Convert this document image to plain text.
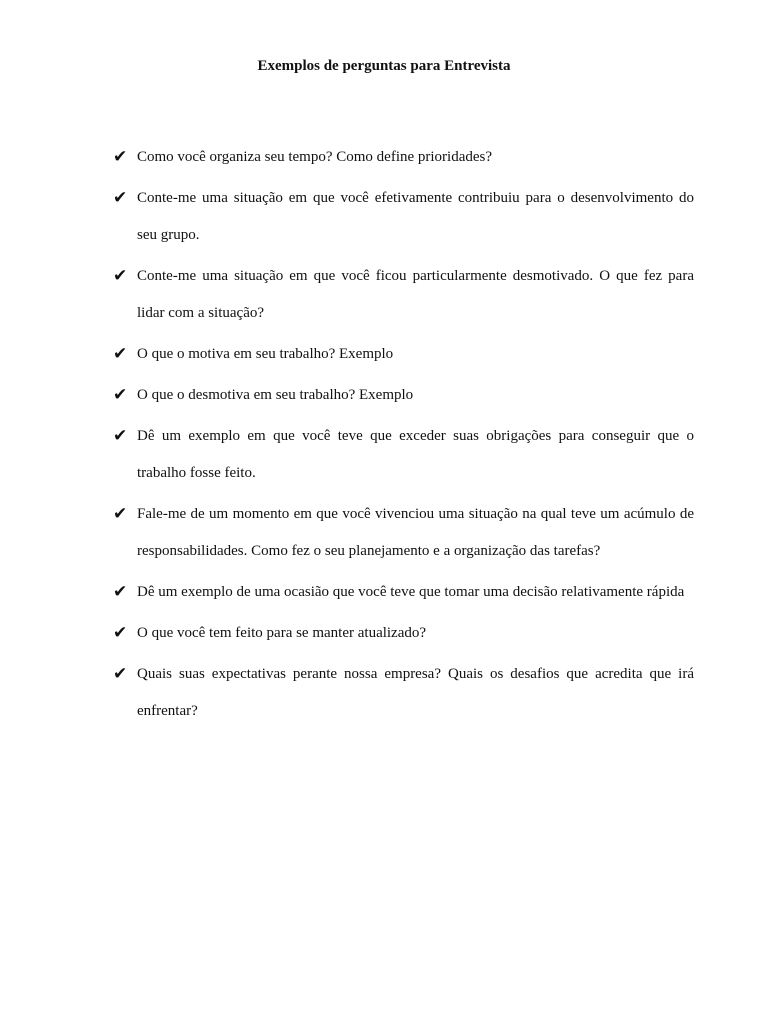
Exemplos de perguntas para Entrevista
✔ Como você organiza seu tempo? Como define prioridades?
✔ Conte-me uma situação em que você efetivamente contribuiu para o desenvolvimento do seu grupo.
✔ Conte-me uma situação em que você ficou particularmente desmotivado. O que fez para lidar com a situação?
✔ O que o motiva em seu trabalho? Exemplo
✔ O que o desmotiva em seu trabalho? Exemplo
✔ Dê um exemplo em que você teve que exceder suas obrigações para conseguir que o trabalho fosse feito.
✔ Fale-me de um momento em que você vivenciou uma situação na qual teve um acúmulo de responsabilidades. Como fez o seu planejamento e a organização das tarefas?
✔ Dê um exemplo de uma ocasião que você teve que tomar uma decisão relativamente rápida
✔ O que você tem feito para se manter atualizado?
✔ Quais suas expectativas perante nossa empresa? Quais os desafios que acredita que irá enfrentar?
